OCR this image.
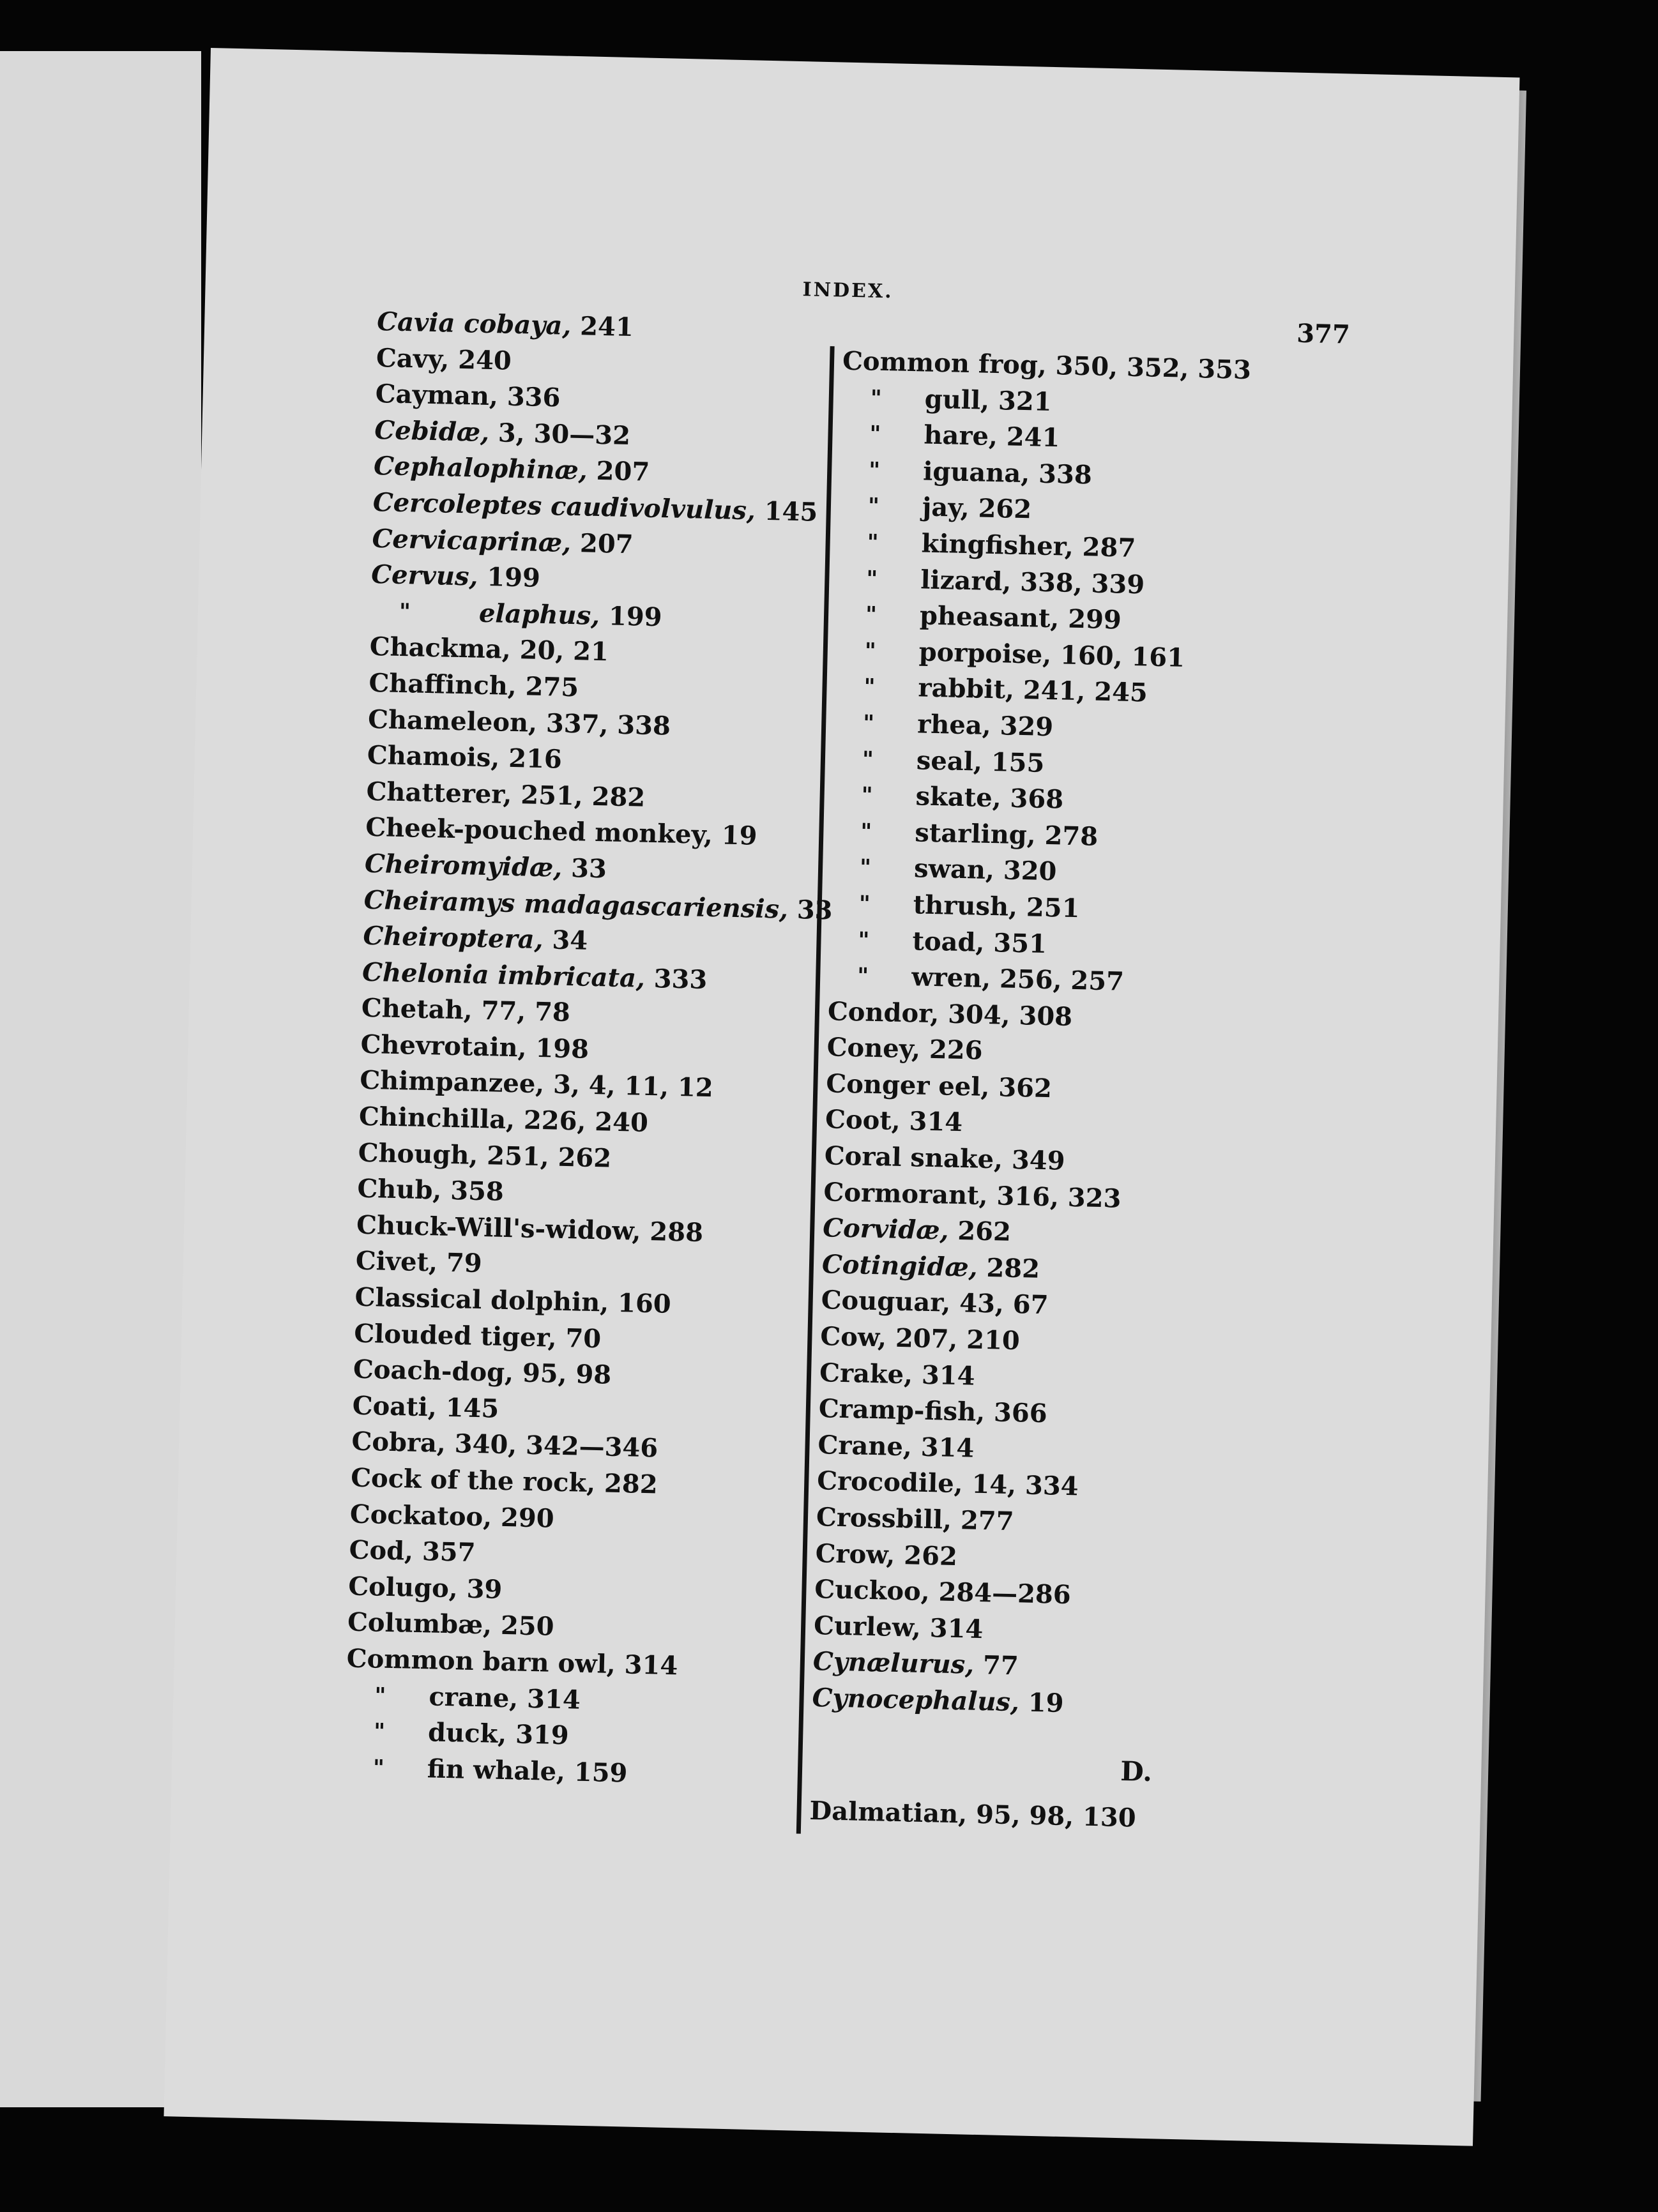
INDEX.
377
Cavia cobaya, 241
Cavy, 240
Cayman, 336
Cebidæ, 3, 30—32
Cephalophinæ, 207
Cercoleptes caudivolvulus, 145
Cervicaprinæ, 207
Cervus, 199
"	elaphus, 199
Chackma, 20, 21
Chaffinch, 275
Chameleon, 337, 338
Chamois, 216
Chatterer, 251, 282
Cheek-pouched monkey, 19
Cheiromyidæ, 33
Cheiramys madagascariensis, 33
Cheiroptera, 34
Chelonia imbricata, 333
Chetah, 77, 78
Chevrotain, 198
Chimpanzee, 3, 4, 11, 12
Chinchilla, 226, 240
Chough, 251, 262
Chub, 358
Chuck-Will's-widow, 288
Civet, 79
Classical dolphin, 160
Clouded tiger, 70
Coach-dog, 95, 98
Coati, 145
Cobra, 340, 342—346
Cock of the rock, 282
Cockatoo, 290
Cod, 357
Colugo, 39
Columbæ, 250
Common barn owl, 314
" crane, 314
" duck, 319
" fin whale, 159
Common frog, 350, 352, 353
" gull, 321
" hare, 241
" iguana, 338
" jay, 262
" kingfisher, 287
" lizard, 338, 339
" pheasant, 299
" porpoise, 160, 161
" rabbit, 241, 245
" rhea, 329
" seal, 155
" skate, 368
" starling, 278
" swan, 320
" thrush, 251
" toad, 351
" wren, 256, 257
Condor, 304, 308
Coney, 226
Conger eel, 362
Coot, 314
Coral snake, 349
Cormorant, 316, 323
Corvidæ, 262
Cotingidæ, 282
Couguar, 43, 67
Cow, 207, 210
Crake, 314
Cramp-fish, 366
Crane, 314
Crocodile, 14, 334
Crossbill, 277
Crow, 262
Cuckoo, 284—286
Curlew, 314
Cynælurus, 77
Cynocephalus, 19
D.
Dalmatian, 95, 98, 130
